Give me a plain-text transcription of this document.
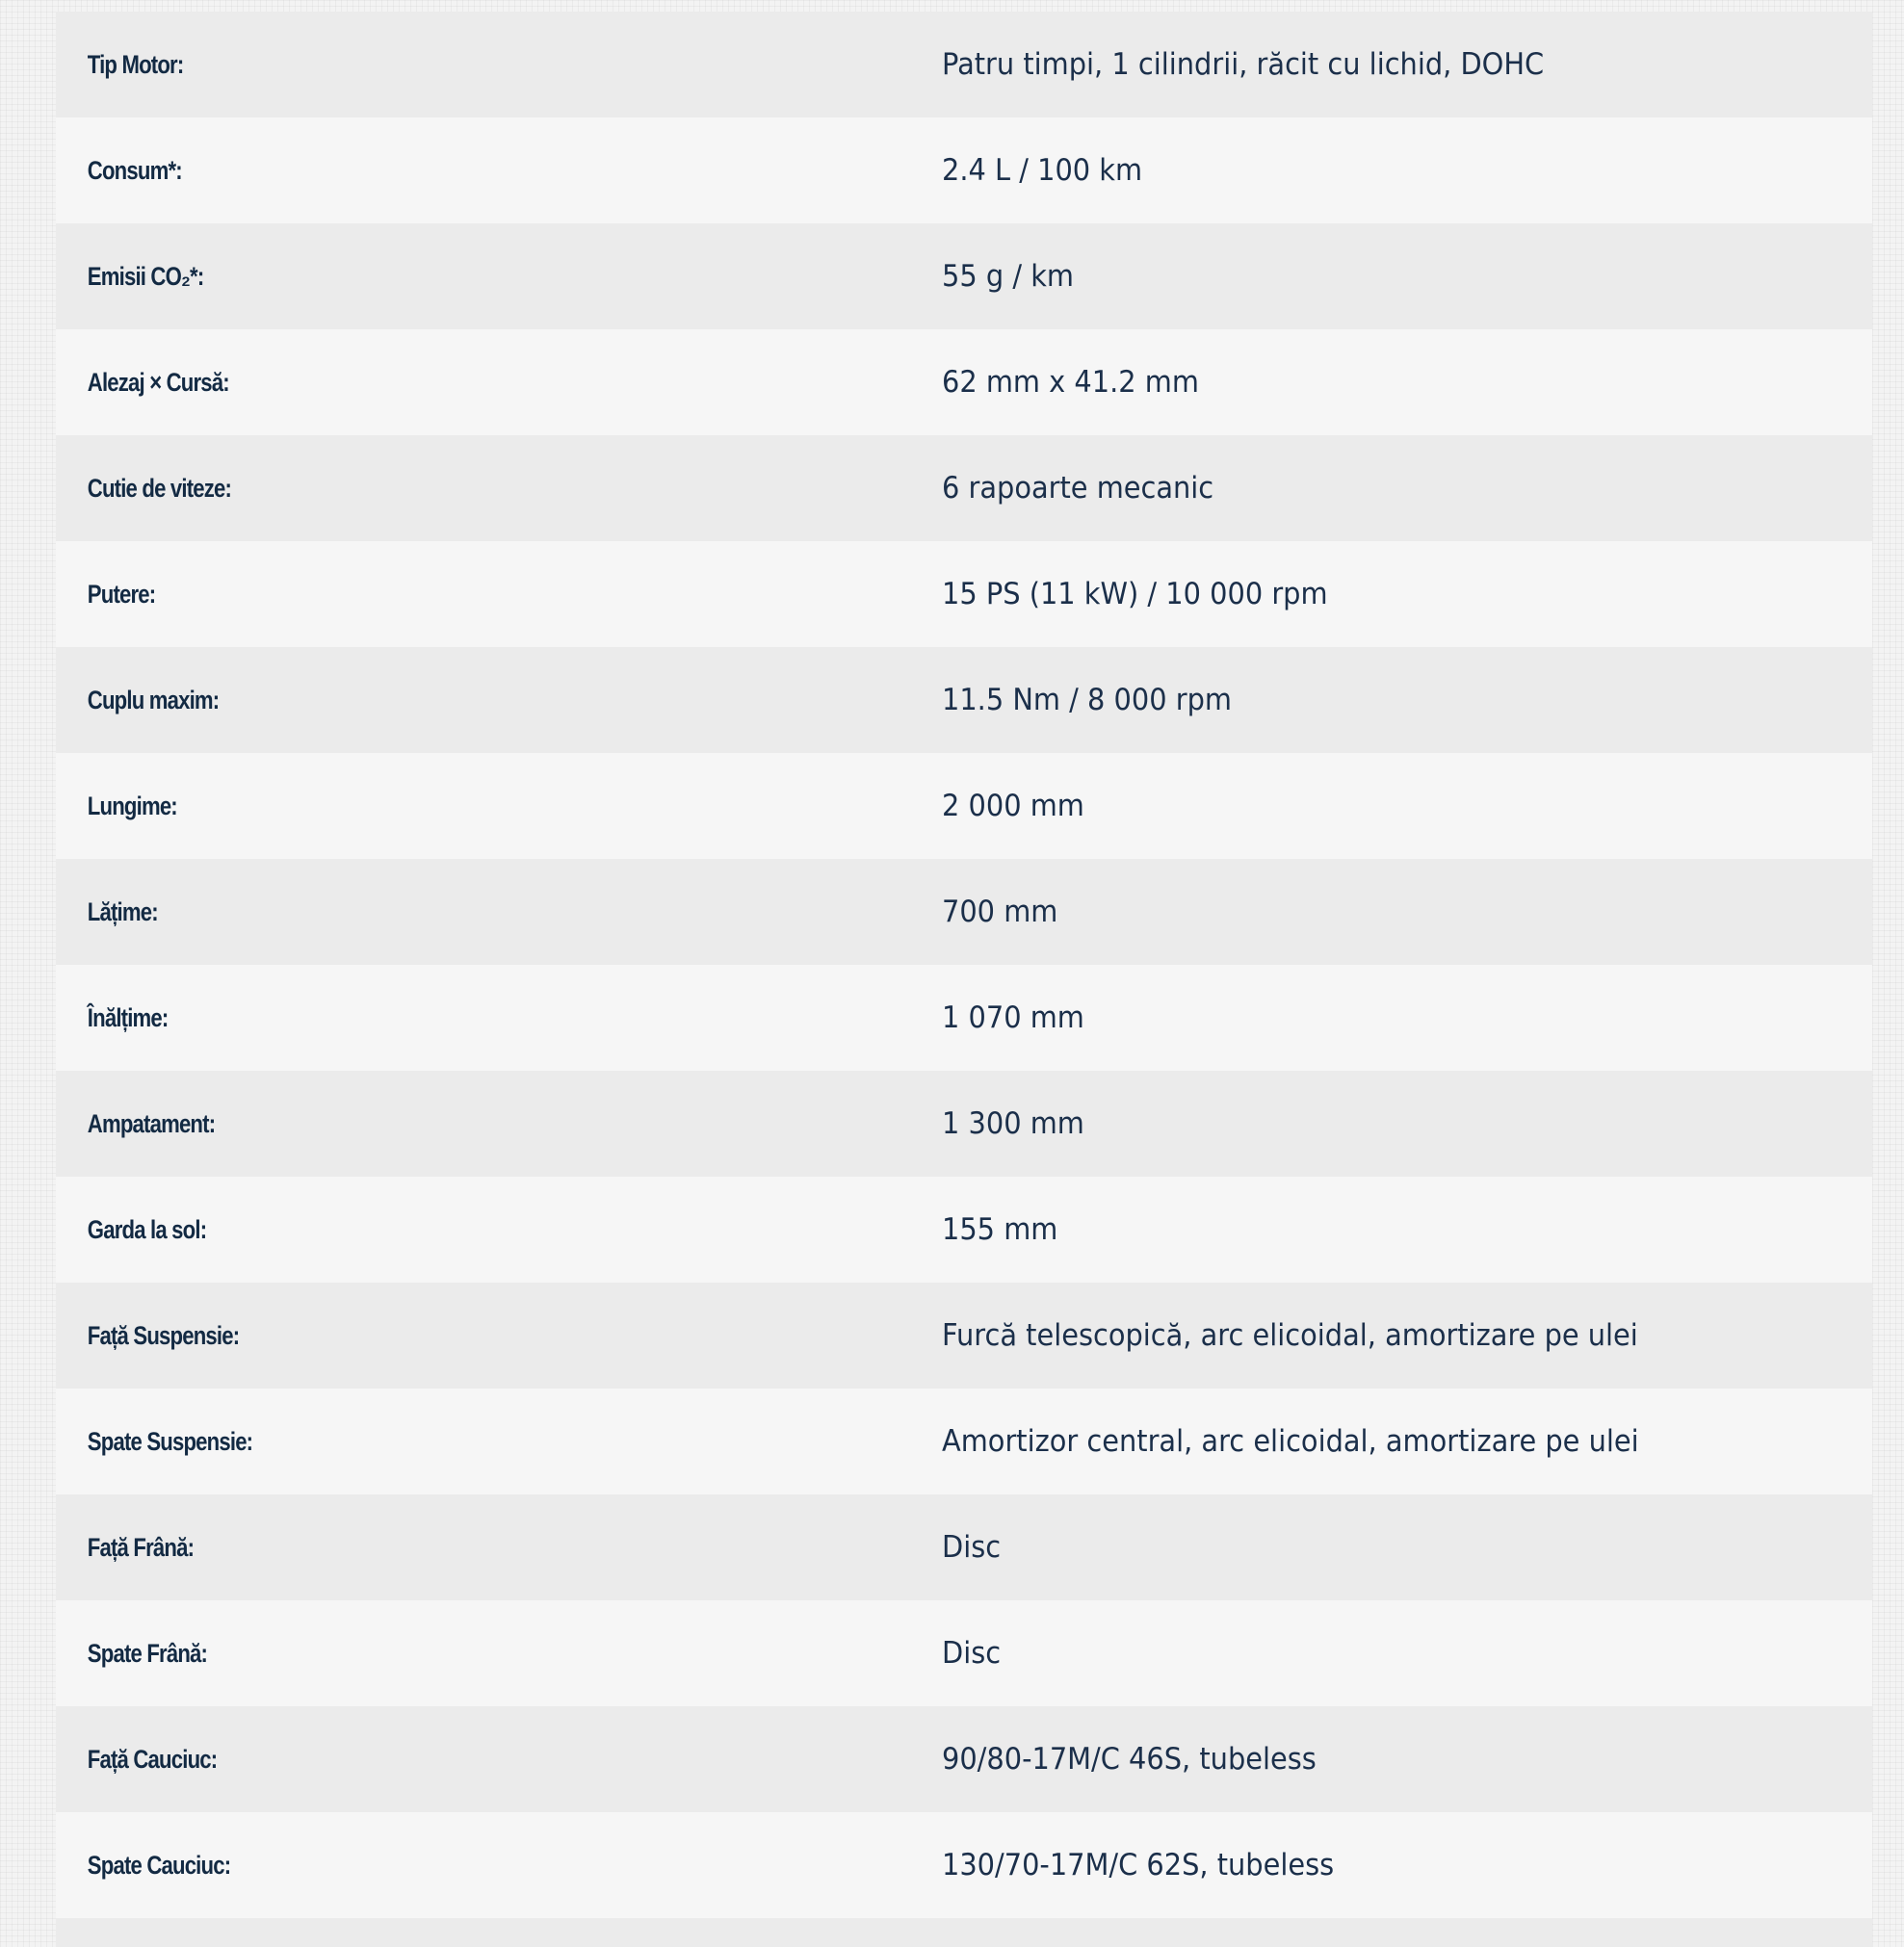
Tip Motor:	Patru timpi, 1 cilindrii, răcit cu lichid, DOHC
Consum*:	2.4 L / 100 km
Emisii CO₂*:	55 g / km
Alezaj × Cursă:	62 mm x 41.2 mm
Cutie de viteze:	6 rapoarte mecanic
Putere:	15 PS (11 kW) / 10 000 rpm
Cuplu maxim:	11.5 Nm / 8 000 rpm
Lungime:	2 000 mm
Lățime:	700 mm
Înălțime:	1 070 mm
Ampatament:	1 300 mm
Garda la sol:	155 mm
Față Suspensie:	Furcă telescopică, arc elicoidal, amortizare pe ulei
Spate Suspensie:	Amortizor central, arc elicoidal, amortizare pe ulei
Față Frână:	Disc
Spate Frână:	Disc
Față Cauciuc:	90/80-17M/C 46S, tubeless
Spate Cauciuc:	130/70-17M/C 62S, tubeless
